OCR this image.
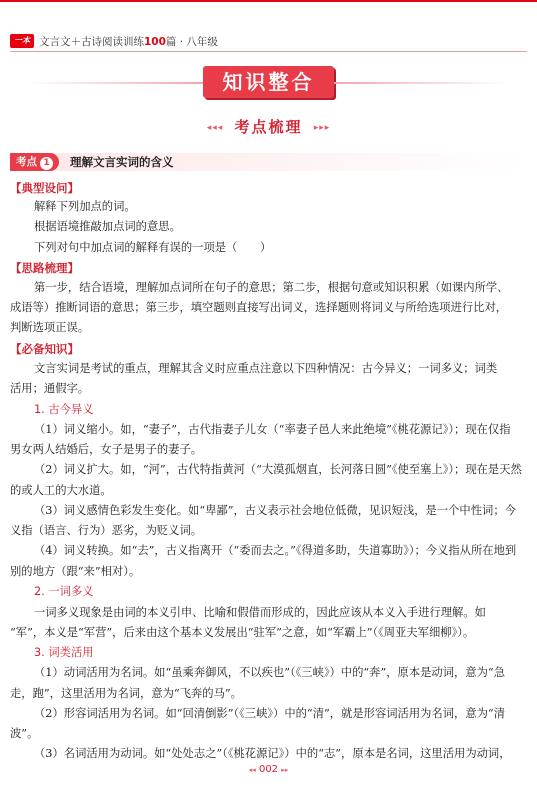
一本 文言文＋古诗阅读训练100篇 · 八年级
知识整合
◂◂◂ 考点梳理 ▸▸▸
考点 1	理解文言实词的含义
【典型设问】
解释下列加点的词。
根据语境推敲加点词的意思。
下列对句中加点词的解释有误的一项是（　　）
【思路梳理】
第一步，结合语境，理解加点词所在句子的意思；第二步，根据句意或知识积累（如课内所学、
成语等）推断词语的意思；第三步，填空题则直接写出词义，选择题则将词义与所给选项进行比对，
判断选项正误。
【必备知识】
文言实词是考试的重点，理解其含义时应重点注意以下四种情况：古今异义；一词多义；词类
活用；通假字。
1. 古今异义
（1）词义缩小。如，“妻子”，古代指妻子儿女（“率妻子邑人来此绝境”《桃花源记》）；现在仅指
男女两人结婚后，女子是男子的妻子。
（2）词义扩大。如，“河”，古代特指黄河（“大漠孤烟直，长河落日圆”《使至塞上》）；现在是天然
的或人工的大水道。
（3）词义感情色彩发生变化。如“卑鄙”，古义表示社会地位低微，见识短浅，是一个中性词；今
义指（语言、行为）恶劣，为贬义词。
（4）词义转换。如“去”，古义指离开（“委而去之。”《得道多助，失道寡助》）；今义指从所在地到
别的地方（跟“来”相对）。
2. 一词多义
一词多义现象是由词的本义引申、比喻和假借而形成的，因此应该从本义入手进行理解。如
“军”，本义是“军营”，后来由这个基本义发展出“驻军”之意，如“军霸上”（《周亚夫军细柳》）。
3. 词类活用
（1）动词活用为名词。如“虽乘奔御风，不以疾也”（《三峡》）中的“奔”，原本是动词，意为“急
走，跑”，这里活用为名词，意为“飞奔的马”。
（2）形容词活用为名词。如“回清倒影”（《三峡》）中的“清”，就是形容词活用为名词，意为“清
波”。
（3）名词活用为动词。如“处处志之”（《桃花源记》）中的“志”，原本是名词，这里活用为动词，
◂◂ 002 ▸▸
